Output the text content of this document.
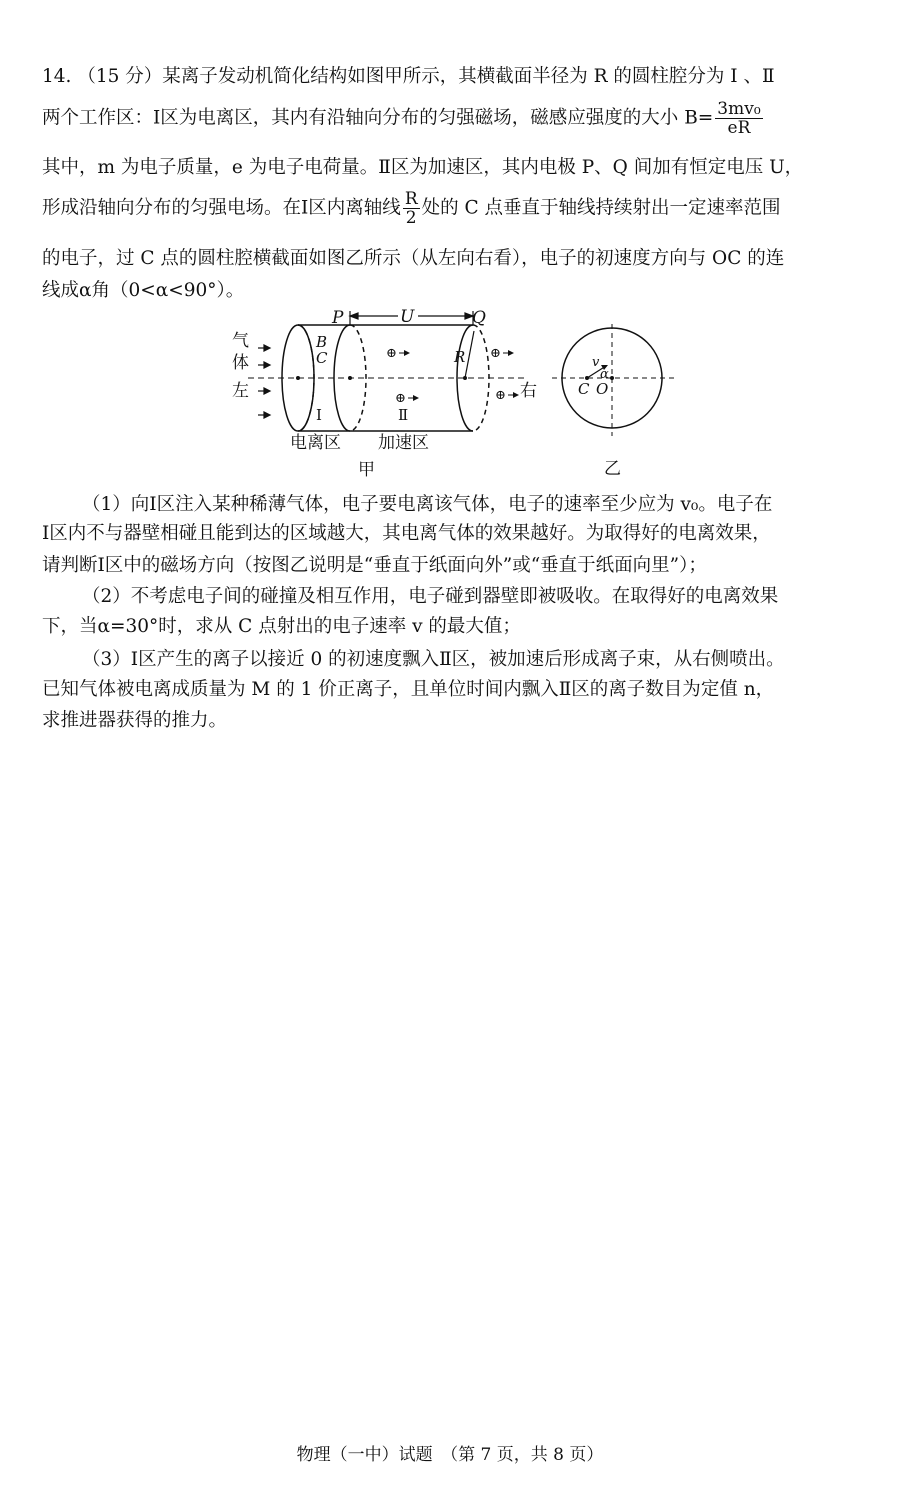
14. （15 分）某离子发动机简化结构如图甲所示，其横截面半径为 R 的圆柱腔分为 Ⅰ 、Ⅱ
两个工作区：Ⅰ区为电离区，其内有沿轴向分布的匀强磁场，磁感应强度的大小 $B= \frac{\text{3mv₀}}{eR}$
其中，m 为电子质量，e 为电子电荷量。Ⅱ区为加速区，其内电极 P、Q 间加有恒定电压 U，
形成沿轴向分布的匀强电场。在Ⅰ区内离轴线 $\frac{R}{2}$ 处的 C 点垂直于轴线持续射出一定速率范围
的电子，过 C 点的圆柱腔横截面如图乙所示（从左向右看），电子的初速度方向与 OC 的连
线成α角（0<α<90°）。
⊕
⊕
⊕
⊕
气
体
左	右
P	U	Q
B
C	R
Ⅰ	Ⅱ
电离区 加速区
甲
v
α
C O
乙
（1）向Ⅰ区注入某种稀薄气体，电子要电离该气体，电子的速率至少应为 v₀。电子在
Ⅰ区内不与器壁相碰且能到达的区域越大，其电离气体的效果越好。为取得好的电离效果，
请判断Ⅰ区中的磁场方向（按图乙说明是“垂直于纸面向外”或“垂直于纸面向里”）；
（2）不考虑电子间的碰撞及相互作用，电子碰到器壁即被吸收。在取得好的电离效果
下，当α=30°时，求从 C 点射出的电子速率 v 的最大值；
（3）Ⅰ区产生的离子以接近 0 的初速度飘入Ⅱ区，被加速后形成离子束，从右侧喷出。
已知气体被电离成质量为 M 的 1 价正离子，且单位时间内飘入Ⅱ区的离子数目为定值 n，
求推进器获得的推力。
物理（一中）试题　（第 7 页，共 8 页）
